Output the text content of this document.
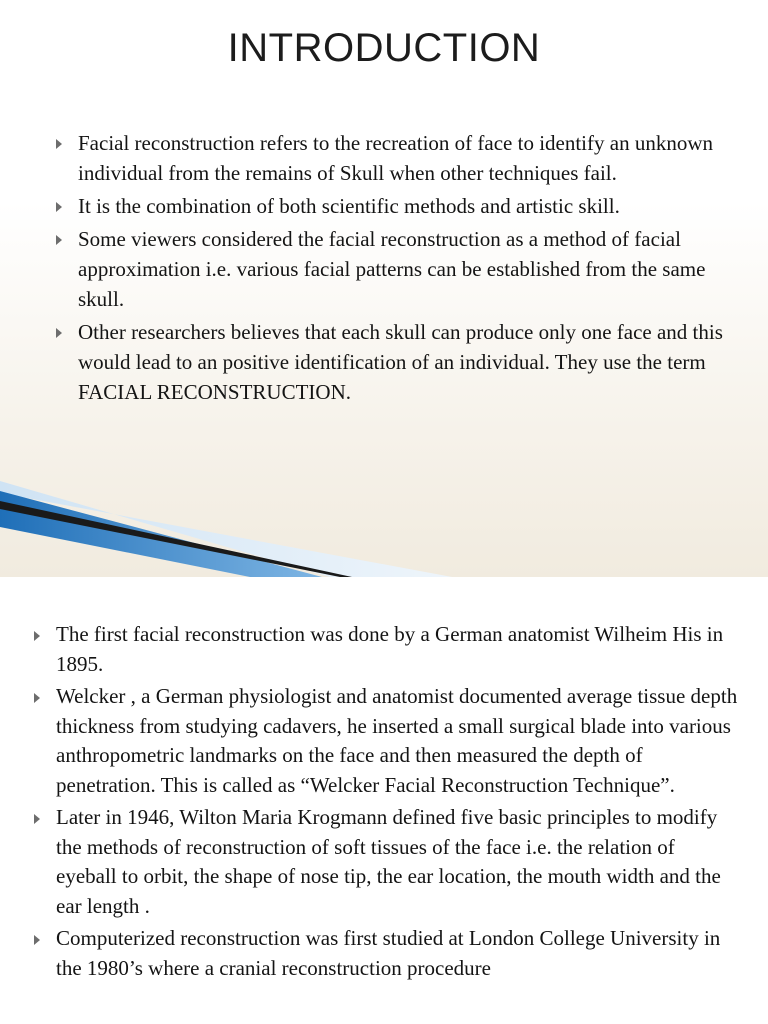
INTRODUCTION
Facial reconstruction refers to the recreation of face to identify an unknown individual from the remains of Skull when other techniques fail.
It is the combination of both scientific methods and artistic skill.
Some viewers considered the facial reconstruction as a method of facial approximation i.e. various facial patterns can be established from the same skull.
Other researchers believes that each skull can produce only one face and this would lead to an positive identification of an individual. They use the term FACIAL RECONSTRUCTION.
The first facial reconstruction was done by a German anatomist Wilheim His in 1895.
Welcker , a German physiologist and anatomist documented average tissue depth thickness from studying cadavers, he inserted a small surgical blade into various anthropometric landmarks on the face and then measured the depth of penetration. This is called as “Welcker Facial Reconstruction Technique”.
Later in 1946, Wilton Maria Krogmann defined five basic principles to modify the methods of reconstruction of soft tissues of the face i.e. the relation of eyeball to orbit, the shape of nose tip, the ear location, the mouth width and the ear length .
Computerized reconstruction was first studied at London College University in the 1980’s where a cranial reconstruction procedure
